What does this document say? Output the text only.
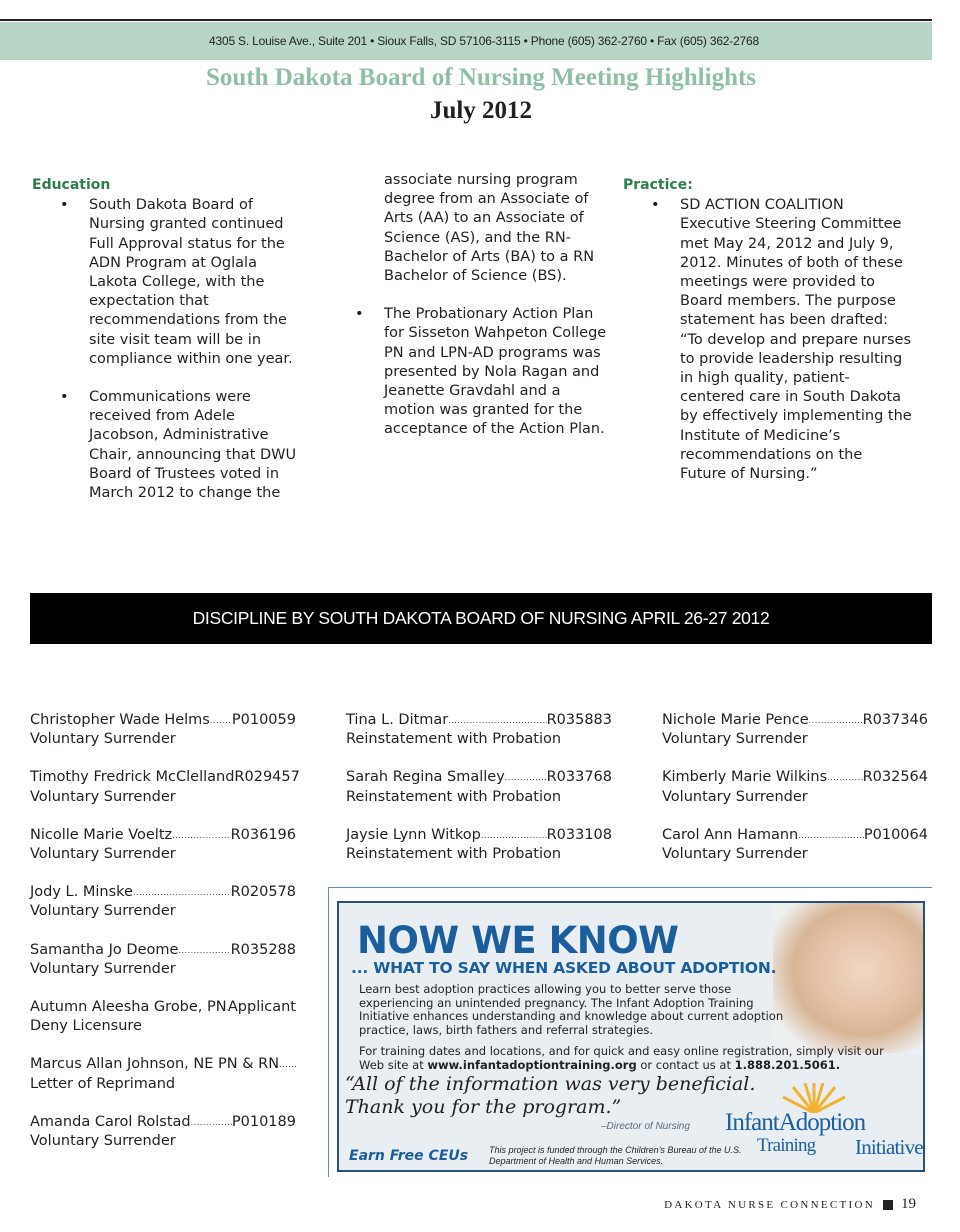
4305 S. Louise Ave., Suite 201 • Sioux Falls, SD 57106-3115 • Phone (605) 362-2760 • Fax (605) 362-2768
South Dakota Board of Nursing Meeting Highlights
July 2012
Education
• South Dakota Board of Nursing granted continued Full Approval status for the ADN Program at Oglala Lakota College, with the expectation that recommendations from the site visit team will be in compliance within one year.
• Communications were received from Adele Jacobson, Administrative Chair, announcing that DWU Board of Trustees voted in March 2012 to change the

associate nursing program degree from an Associate of Arts (AA) to an Associate of Science (AS), and the RN-Bachelor of Arts (BA) to a RN Bachelor of Science (BS).

• The Probationary Action Plan for Sisseton Wahpeton College PN and LPN-AD programs was presented by Nola Ragan and Jeanette Gravdahl and a motion was granted for the acceptance of the Action Plan.
Practice:
• SD ACTION COALITION Executive Steering Committee met May 24, 2012 and July 9, 2012. Minutes of both of these meetings were provided to Board members. The purpose statement has been drafted: “To develop and prepare nurses to provide leadership resulting in high quality, patient-centered care in South Dakota by effectively implementing the Institute of Medicine’s recommendations on the Future of Nursing.”
DISCIPLINE BY SOUTH DAKOTA BOARD OF NURSING APRIL 26-27 2012
Christopher Wade Helms ..... P010059
Voluntary Surrender
Timothy Fredrick McClelland R029457
Voluntary Surrender
Nicolle Marie Voeltz .....	R036196
Voluntary Surrender
Jody L. Minske .....	R020578
Voluntary Surrender
Samantha Jo Deome .....	R035288
Voluntary Surrender
Autumn Aleesha Grobe, PN ..... Applicant
Deny Licensure
Marcus Allan Johnson, NE PN & RN
.....
Letter of Reprimand
Amanda Carol Rolstad .....	P010189
Voluntary Surrender
Tina L. Ditmar .....	R035883
Reinstatement with Probation
Sarah Regina Smalley .....	R033768
Reinstatement with Probation
Jaysie Lynn Witkop .....	R033108
Reinstatement with Probation
Nichole Marie Pence .....	R037346
Voluntary Surrender
Kimberly Marie Wilkins ..... R032564
Voluntary Surrender
Carol Ann Hamann .....	P010064
Voluntary Surrender
NOW WE KNOW
... WHAT TO SAY WHEN ASKED ABOUT ADOPTION.
Learn best adoption practices allowing you to better serve those experiencing an unintended pregnancy. The Infant Adoption Training Initiative enhances understanding and knowledge about current adoption practice, laws, birth fathers and referral strategies.
For training dates and locations, and for quick and easy online registration, simply visit our Web site at www.infantadoptiontraining.org or contact us at 1.888.201.5061.
“All of the information was very beneficial. Thank you for the program.”
–Director of Nursing
Earn Free CEUs This project is funded through the Children’s Bureau of the U.S. Department of Health and Human Services.
InfantAdoption
Training Initiative
DAKOTA NURSE CONNECTION 19
